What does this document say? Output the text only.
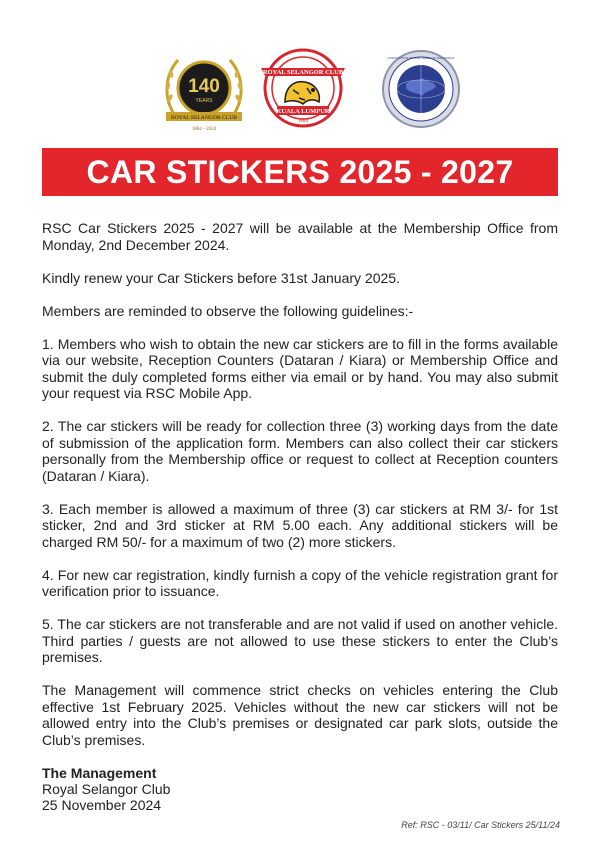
140
YEARS
ROYAL SELANGOR CLUB
1884 - 2024
ROYAL SELANGOR CLUB
KUALA LUMPUR
1884
ASSOCIATION OF THE CLUBS OF THE WORLD
CAR STICKERS 2025 - 2027

RSC Car Stickers 2025 - 2027 will be available at the Membership Office from Monday, 2nd December 2024.

Kindly renew your Car Stickers before 31st January 2025.

Members are reminded to observe the following guidelines:-

1. Members who wish to obtain the new car stickers are to fill in the forms available via our website, Reception Counters (Dataran / Kiara) or Membership Office and submit the duly completed forms either via email or by hand. You may also submit your request via RSC Mobile App.

2. The car stickers will be ready for collection three (3) working days from the date of submission of the application form. Members can also collect their car stickers personally from the Membership office or request to collect at Reception counters (Dataran / Kiara).

3. Each member is allowed a maximum of three (3) car stickers at RM 3/- for 1st sticker, 2nd and 3rd sticker at RM 5.00 each. Any additional stickers will be charged RM 50/- for a maximum of two (2) more stickers.

4. For new car registration, kindly furnish a copy of the vehicle registration grant for verification prior to issuance.

5. The car stickers are not transferable and are not valid if used on another vehicle. Third parties / guests are not allowed to use these stickers to enter the Club’s premises.

The Management will commence strict checks on vehicles entering the Club effective 1st February 2025. Vehicles without the new car stickers will not be allowed entry into the Club’s premises or designated car park slots, outside the Club’s premises.

The Management
Royal Selangor Club
25 November 2024
Ref: RSC - 03/11/ Car Stickers 25/11/24
